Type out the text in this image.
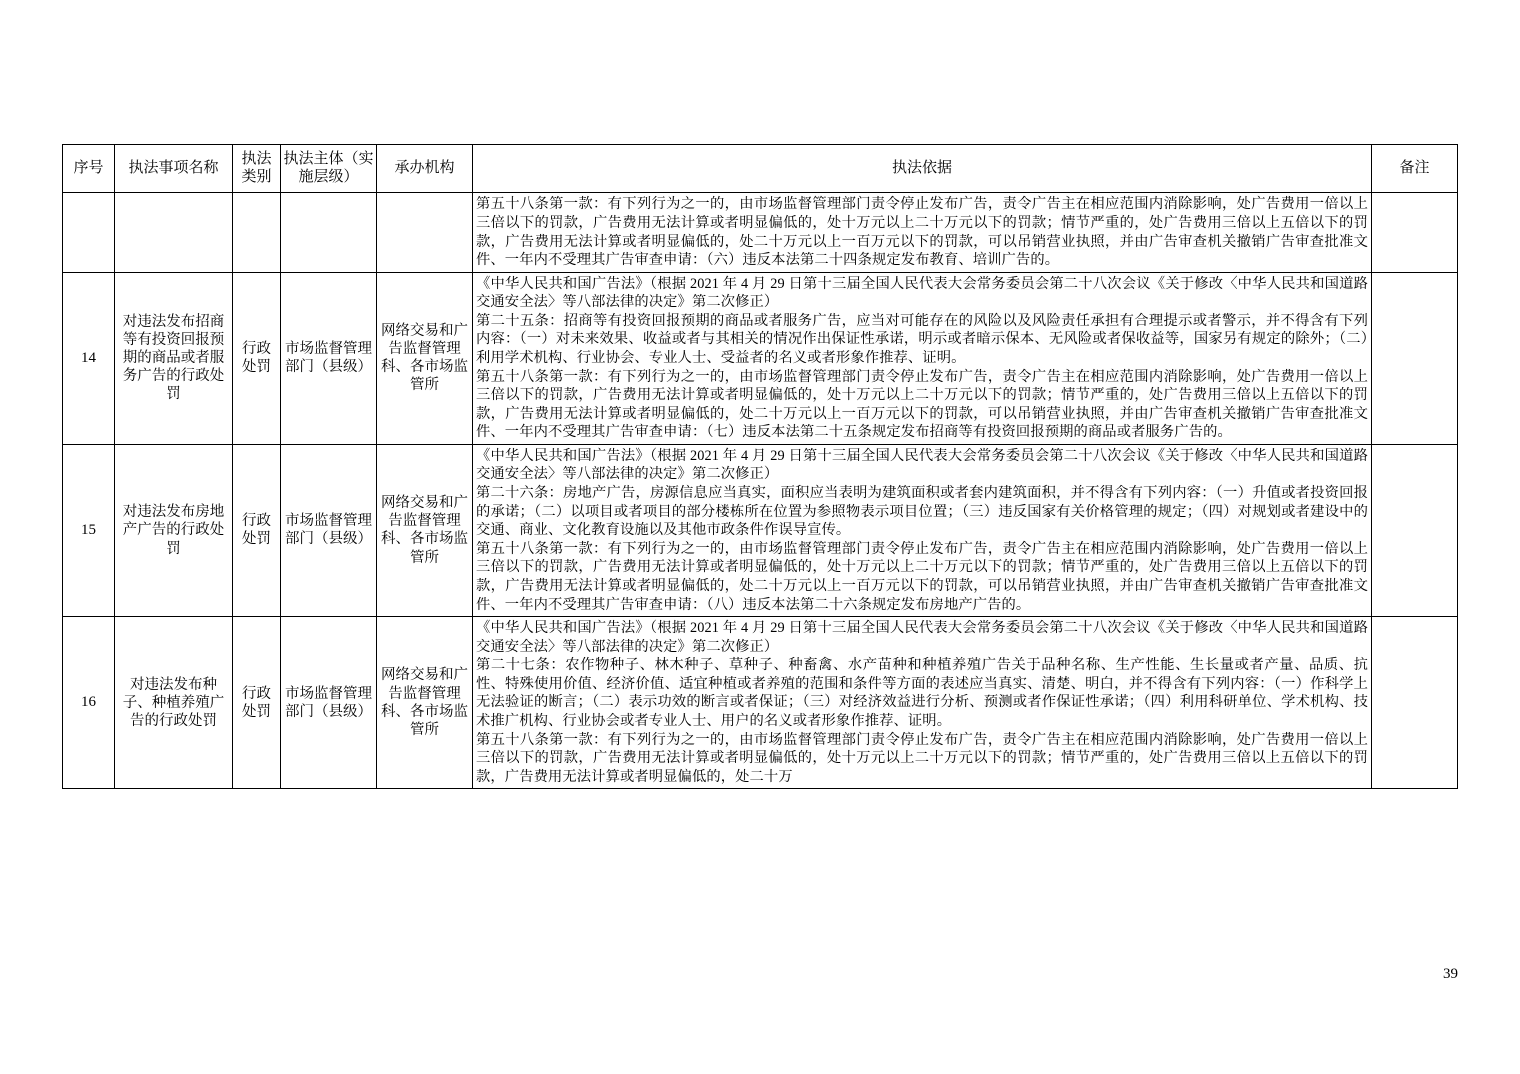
序号	执法事项名称	执法类别	执法主体（实施层级）	承办机构	执法依据	备注

					第五十八条第一款：有下列行为之一的，由市场监督管理部门责令停止发布广告，责令广告主在相应范围内消除影响，处广告费用一倍以上三倍以下的罚款，广告费用无法计算或者明显偏低的，处十万元以上二十万元以下的罚款；情节严重的，处广告费用三倍以上五倍以下的罚款，广告费用无法计算或者明显偏低的，处二十万元以上一百万元以下的罚款，可以吊销营业执照，并由广告审查机关撤销广告审查批准文件、一年内不受理其广告审查申请：（六）违反本法第二十四条规定发布教育、培训广告的。	

14	对违法发布招商等有投资回报预期的商品或者服务广告的行政处罚	行政处罚	市场监督管理部门（县级）	网络交易和广告监督管理科、各市场监管所	《中华人民共和国广告法》（根据 2021 年 4 月 29 日第十三届全国人民代表大会常务委员会第二十八次会议《关于修改〈中华人民共和国道路交通安全法〉等八部法律的决定》第二次修正）

第二十五条：招商等有投资回报预期的商品或者服务广告，应当对可能存在的风险以及风险责任承担有合理提示或者警示，并不得含有下列内容：（一）对未来效果、收益或者与其相关的情况作出保证性承诺，明示或者暗示保本、无风险或者保收益等，国家另有规定的除外；（二）利用学术机构、行业协会、专业人士、受益者的名义或者形象作推荐、证明。

第五十八条第一款：有下列行为之一的，由市场监督管理部门责令停止发布广告，责令广告主在相应范围内消除影响，处广告费用一倍以上三倍以下的罚款，广告费用无法计算或者明显偏低的，处十万元以上二十万元以下的罚款；情节严重的，处广告费用三倍以上五倍以下的罚款，广告费用无法计算或者明显偏低的，处二十万元以上一百万元以下的罚款，可以吊销营业执照，并由广告审查机关撤销广告审查批准文件、一年内不受理其广告审查申请：（七）违反本法第二十五条规定发布招商等有投资回报预期的商品或者服务广告的。	

15	对违法发布房地产广告的行政处罚	行政处罚	市场监督管理部门（县级）	网络交易和广告监督管理科、各市场监管所	《中华人民共和国广告法》（根据 2021 年 4 月 29 日第十三届全国人民代表大会常务委员会第二十八次会议《关于修改〈中华人民共和国道路交通安全法〉等八部法律的决定》第二次修正）

第二十六条：房地产广告，房源信息应当真实，面积应当表明为建筑面积或者套内建筑面积，并不得含有下列内容：（一）升值或者投资回报的承诺；（二）以项目或者项目的部分楼栋所在位置为参照物表示项目位置；（三）违反国家有关价格管理的规定；（四）对规划或者建设中的交通、商业、文化教育设施以及其他市政条件作误导宣传。

第五十八条第一款：有下列行为之一的，由市场监督管理部门责令停止发布广告，责令广告主在相应范围内消除影响，处广告费用一倍以上三倍以下的罚款，广告费用无法计算或者明显偏低的，处十万元以上二十万元以下的罚款；情节严重的，处广告费用三倍以上五倍以下的罚款，广告费用无法计算或者明显偏低的，处二十万元以上一百万元以下的罚款，可以吊销营业执照，并由广告审查机关撤销广告审查批准文件、一年内不受理其广告审查申请：（八）违反本法第二十六条规定发布房地产广告的。	

16	对违法发布种子、种植养殖广告的行政处罚	行政处罚	市场监督管理部门（县级）	网络交易和广告监督管理科、各市场监管所	《中华人民共和国广告法》（根据 2021 年 4 月 29 日第十三届全国人民代表大会常务委员会第二十八次会议《关于修改〈中华人民共和国道路交通安全法〉等八部法律的决定》第二次修正）

第二十七条：农作物种子、林木种子、草种子、种畜禽、水产苗种和种植养殖广告关于品种名称、生产性能、生长量或者产量、品质、抗性、特殊使用价值、经济价值、适宜种植或者养殖的范围和条件等方面的表述应当真实、清楚、明白，并不得含有下列内容：（一）作科学上无法验证的断言；（二）表示功效的断言或者保证；（三）对经济效益进行分析、预测或者作保证性承诺；（四）利用科研单位、学术机构、技术推广机构、行业协会或者专业人士、用户的名义或者形象作推荐、证明。

第五十八条第一款：有下列行为之一的，由市场监督管理部门责令停止发布广告，责令广告主在相应范围内消除影响，处广告费用一倍以上三倍以下的罚款，广告费用无法计算或者明显偏低的，处十万元以上二十万元以下的罚款；情节严重的，处广告费用三倍以上五倍以下的罚款，广告费用无法计算或者明显偏低的，处二十万	

39
